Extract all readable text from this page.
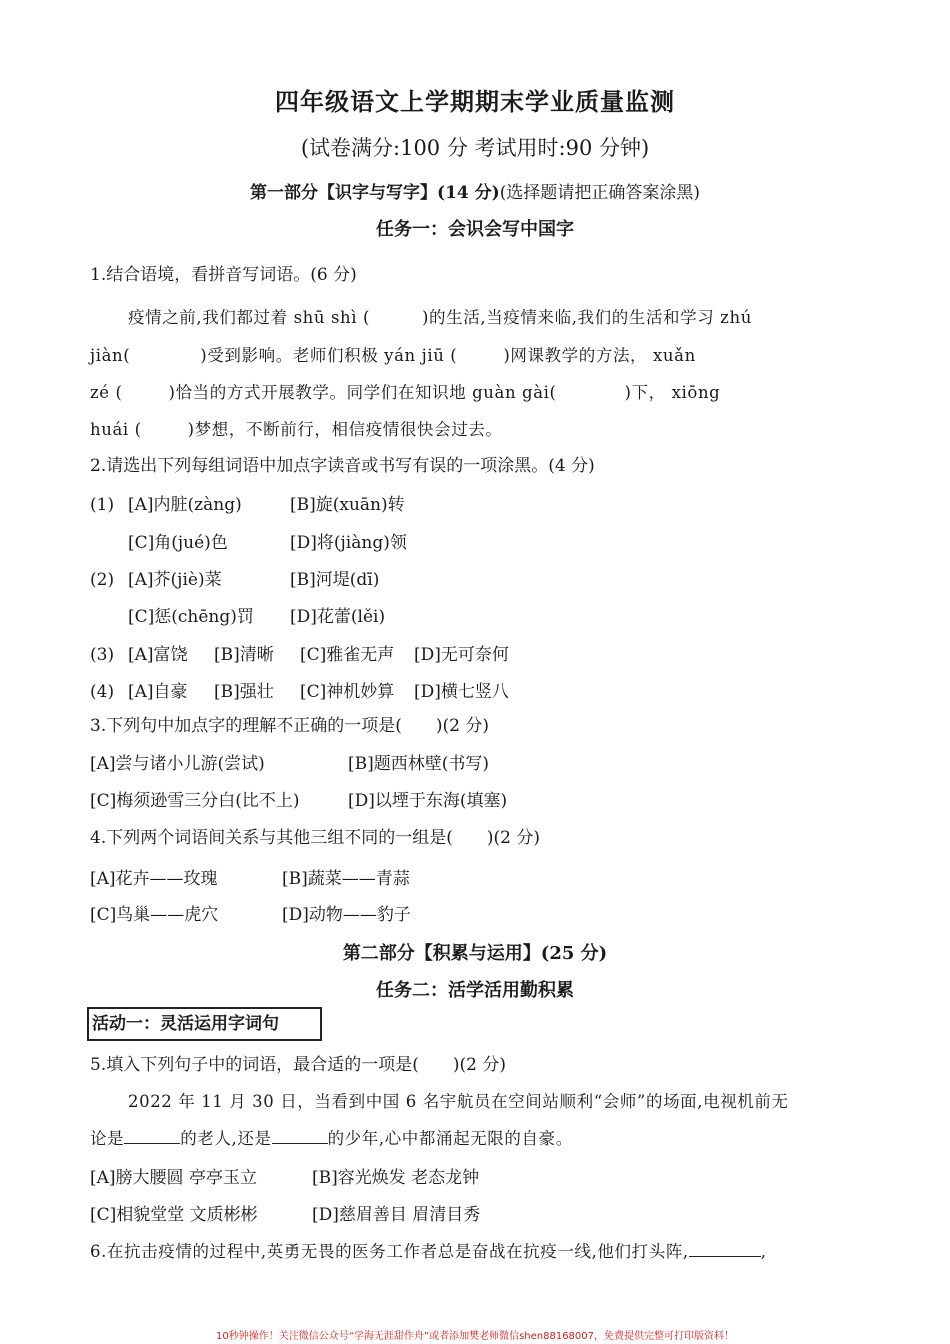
四年级语文上学期期末学业质量监测
(试卷满分:100 分 考试用时:90 分钟)
第一部分【识字与写字】(14 分)(选择题请把正确答案涂黑)
任务一：会识会写中国字
1.结合语境，看拼音写词语。(6 分)
疫情之前,我们都过着 shū shì (	)的生活,当疫情来临,我们的生活和学习 zhú
jiàn(	)受到影响。老师们积极 yán jiū (	)网课教学的方法， xuǎn
zé (	)恰当的方式开展教学。同学们在知识地 guàn gài(	)下， xiōng
huái (	)梦想，不断前行，相信疫情很快会过去。
2.请选出下列每组词语中加点字读音或书写有误的一项涂黑。(4 分)
(1) [A]内脏(zàng)	[B]旋(xuān)转
[C]角(jué)色	[D]将(jiàng)领
(2) [A]芥(jiè)菜	[B]河堤(dī)
[C]惩(chēng)罚 [D]花蕾(lěi)
(3) [A]富饶 [B]清晰 [C]雅雀无声 [D]无可奈何
(4) [A]自豪 [B]强壮 [C]神机妙算 [D]横七竖八
3.下列句中加点字的理解不正确的一项是( )(2 分)
[A]尝与诸小儿游(尝试)	[B]题西林壁(书写)
[C]梅须逊雪三分白(比不上)	[D]以堙于东海(填塞)
4.下列两个词语间关系与其他三组不同的一组是( )(2 分)
[A]花卉——玫瑰	[B]蔬菜——青蒜
[C]鸟巢——虎穴	[D]动物——豹子
第二部分【积累与运用】(25 分)
任务二：活学活用勤积累
活动一：灵活运用字词句
5.填入下列句子中的词语，最合适的一项是( )(2 分)
2022 年 11 月 30 日，当看到中国 6 名宇航员在空间站顺利“会师”的场面,电视机前无
论是	的老人,还是	的少年,心中都涌起无限的自豪。
[A]膀大腰圆 亭亭玉立	[B]容光焕发 老态龙钟
[C]相貌堂堂 文质彬彬	[D]慈眉善目 眉清目秀
6.在抗击疫情的过程中,英勇无畏的医务工作者总是奋战在抗疫一线,他们打头阵,	,
10秒钟操作！关注微信公众号“学海无涯甜作舟”或者添加樊老师微信shen88168007，免费提供完整可打印版资料！
